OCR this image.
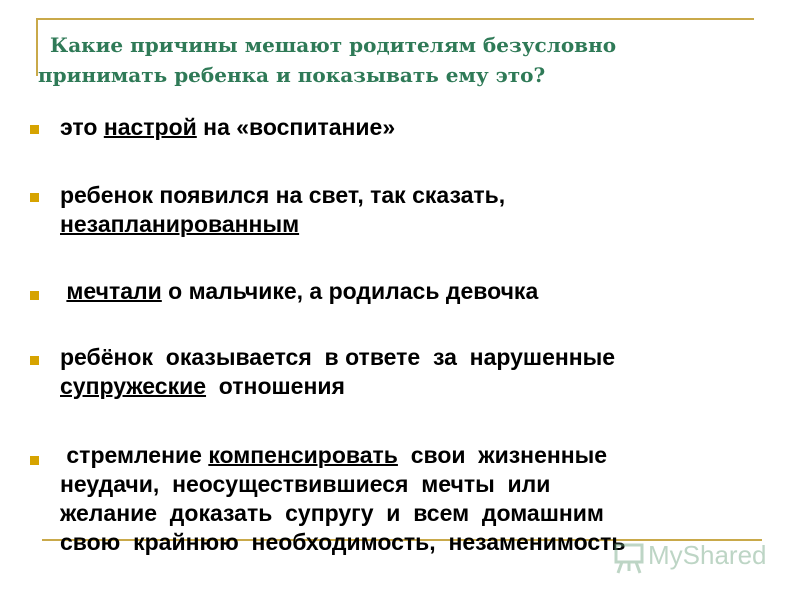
Какие причины мешают родителям безусловно
принимать ребенка и показывать ему это?
это настрой на «воспитание»
ребенок появился на свет, так сказать,
незапланированным
мечтали о мальчике, а родилась девочка
ребёнок  оказывается  в ответе  за  нарушенные
супружеские  отношения
стремление компенсировать  свои  жизненные
неудачи,  неосуществившиеся  мечты  или
желание  доказать  супругу  и  всем  домашним
свою  крайнюю  необходимость,  незаменимость MyShared
